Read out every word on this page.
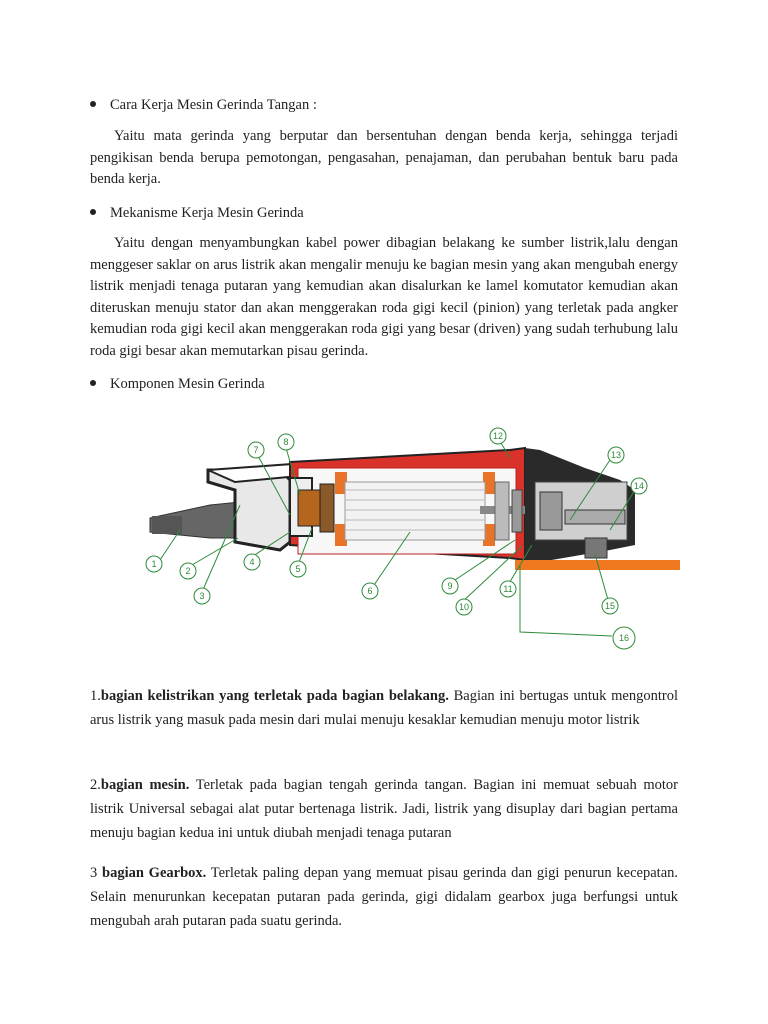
Cara Kerja Mesin Gerinda Tangan :
Yaitu mata gerinda yang berputar dan bersentuhan dengan benda kerja, sehingga terjadi pengikisan benda berupa pemotongan, pengasahan, penajaman, dan perubahan bentuk baru pada benda kerja.
Mekanisme Kerja Mesin Gerinda
Yaitu dengan menyambungkan kabel power dibagian belakang ke sumber listrik,lalu dengan menggeser saklar on arus listrik akan mengalir menuju ke bagian mesin yang akan mengubah energy listrik menjadi tenaga putaran yang kemudian akan disalurkan ke lamel komutator kemudian akan diteruskan menuju stator dan akan menggerakan roda gigi kecil (pinion) yang terletak pada angker kemudian roda gigi kecil akan menggerakan roda gigi yang besar (driven) yang sudah terhubung lalu roda gigi besar akan memutarkan pisau gerinda.
Komponen Mesin Gerinda
1
2
3
4
5
6
7
8
9
10
11
12
13
14
15
16
1.bagian kelistrikan yang terletak pada bagian belakang. Bagian ini bertugas untuk mengontrol arus listrik yang masuk pada mesin dari mulai menuju kesaklar kemudian menuju motor listrik
2.bagian mesin. Terletak pada bagian tengah gerinda tangan. Bagian ini memuat sebuah motor listrik Universal sebagai alat putar bertenaga listrik. Jadi, listrik yang disuplay dari bagian pertama menuju bagian kedua ini untuk diubah menjadi tenaga putaran
3 bagian Gearbox. Terletak paling depan yang memuat pisau gerinda dan gigi penurun kecepatan. Selain menurunkan kecepatan putaran pada gerinda, gigi didalam gearbox juga berfungsi untuk mengubah arah putaran pada suatu gerinda.
